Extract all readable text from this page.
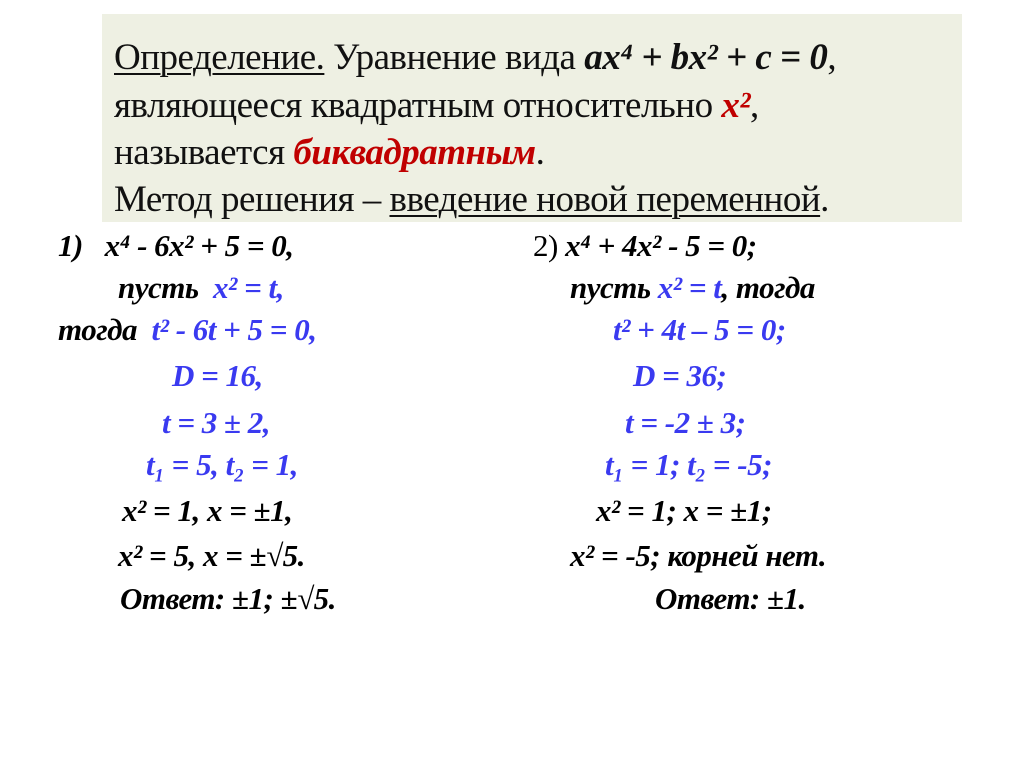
Определение. Уравнение вида ax⁴ + bx² + c = 0,
являющееся квадратным относительно x²,
называется биквадратным.
Метод решения – введение новой переменной.
1) x⁴ - 6x² + 5 = 0,
пусть x² = t,
тогда t² - 6t + 5 = 0,
D = 16,
t = 3 ± 2,
t₁ = 5, t₂ = 1,
x² = 1, x = ±1,
x² = 5, x = ±√5.
Ответ: ±1; ±√5.
2) x⁴ + 4x² - 5 = 0;
пусть x² = t, тогда
t² + 4t – 5 = 0;
D = 36;
t = -2 ± 3;
t₁ = 1; t₂ = -5;
x² = 1; x = ±1;
x² = -5; корней нет.
Ответ: ±1.
